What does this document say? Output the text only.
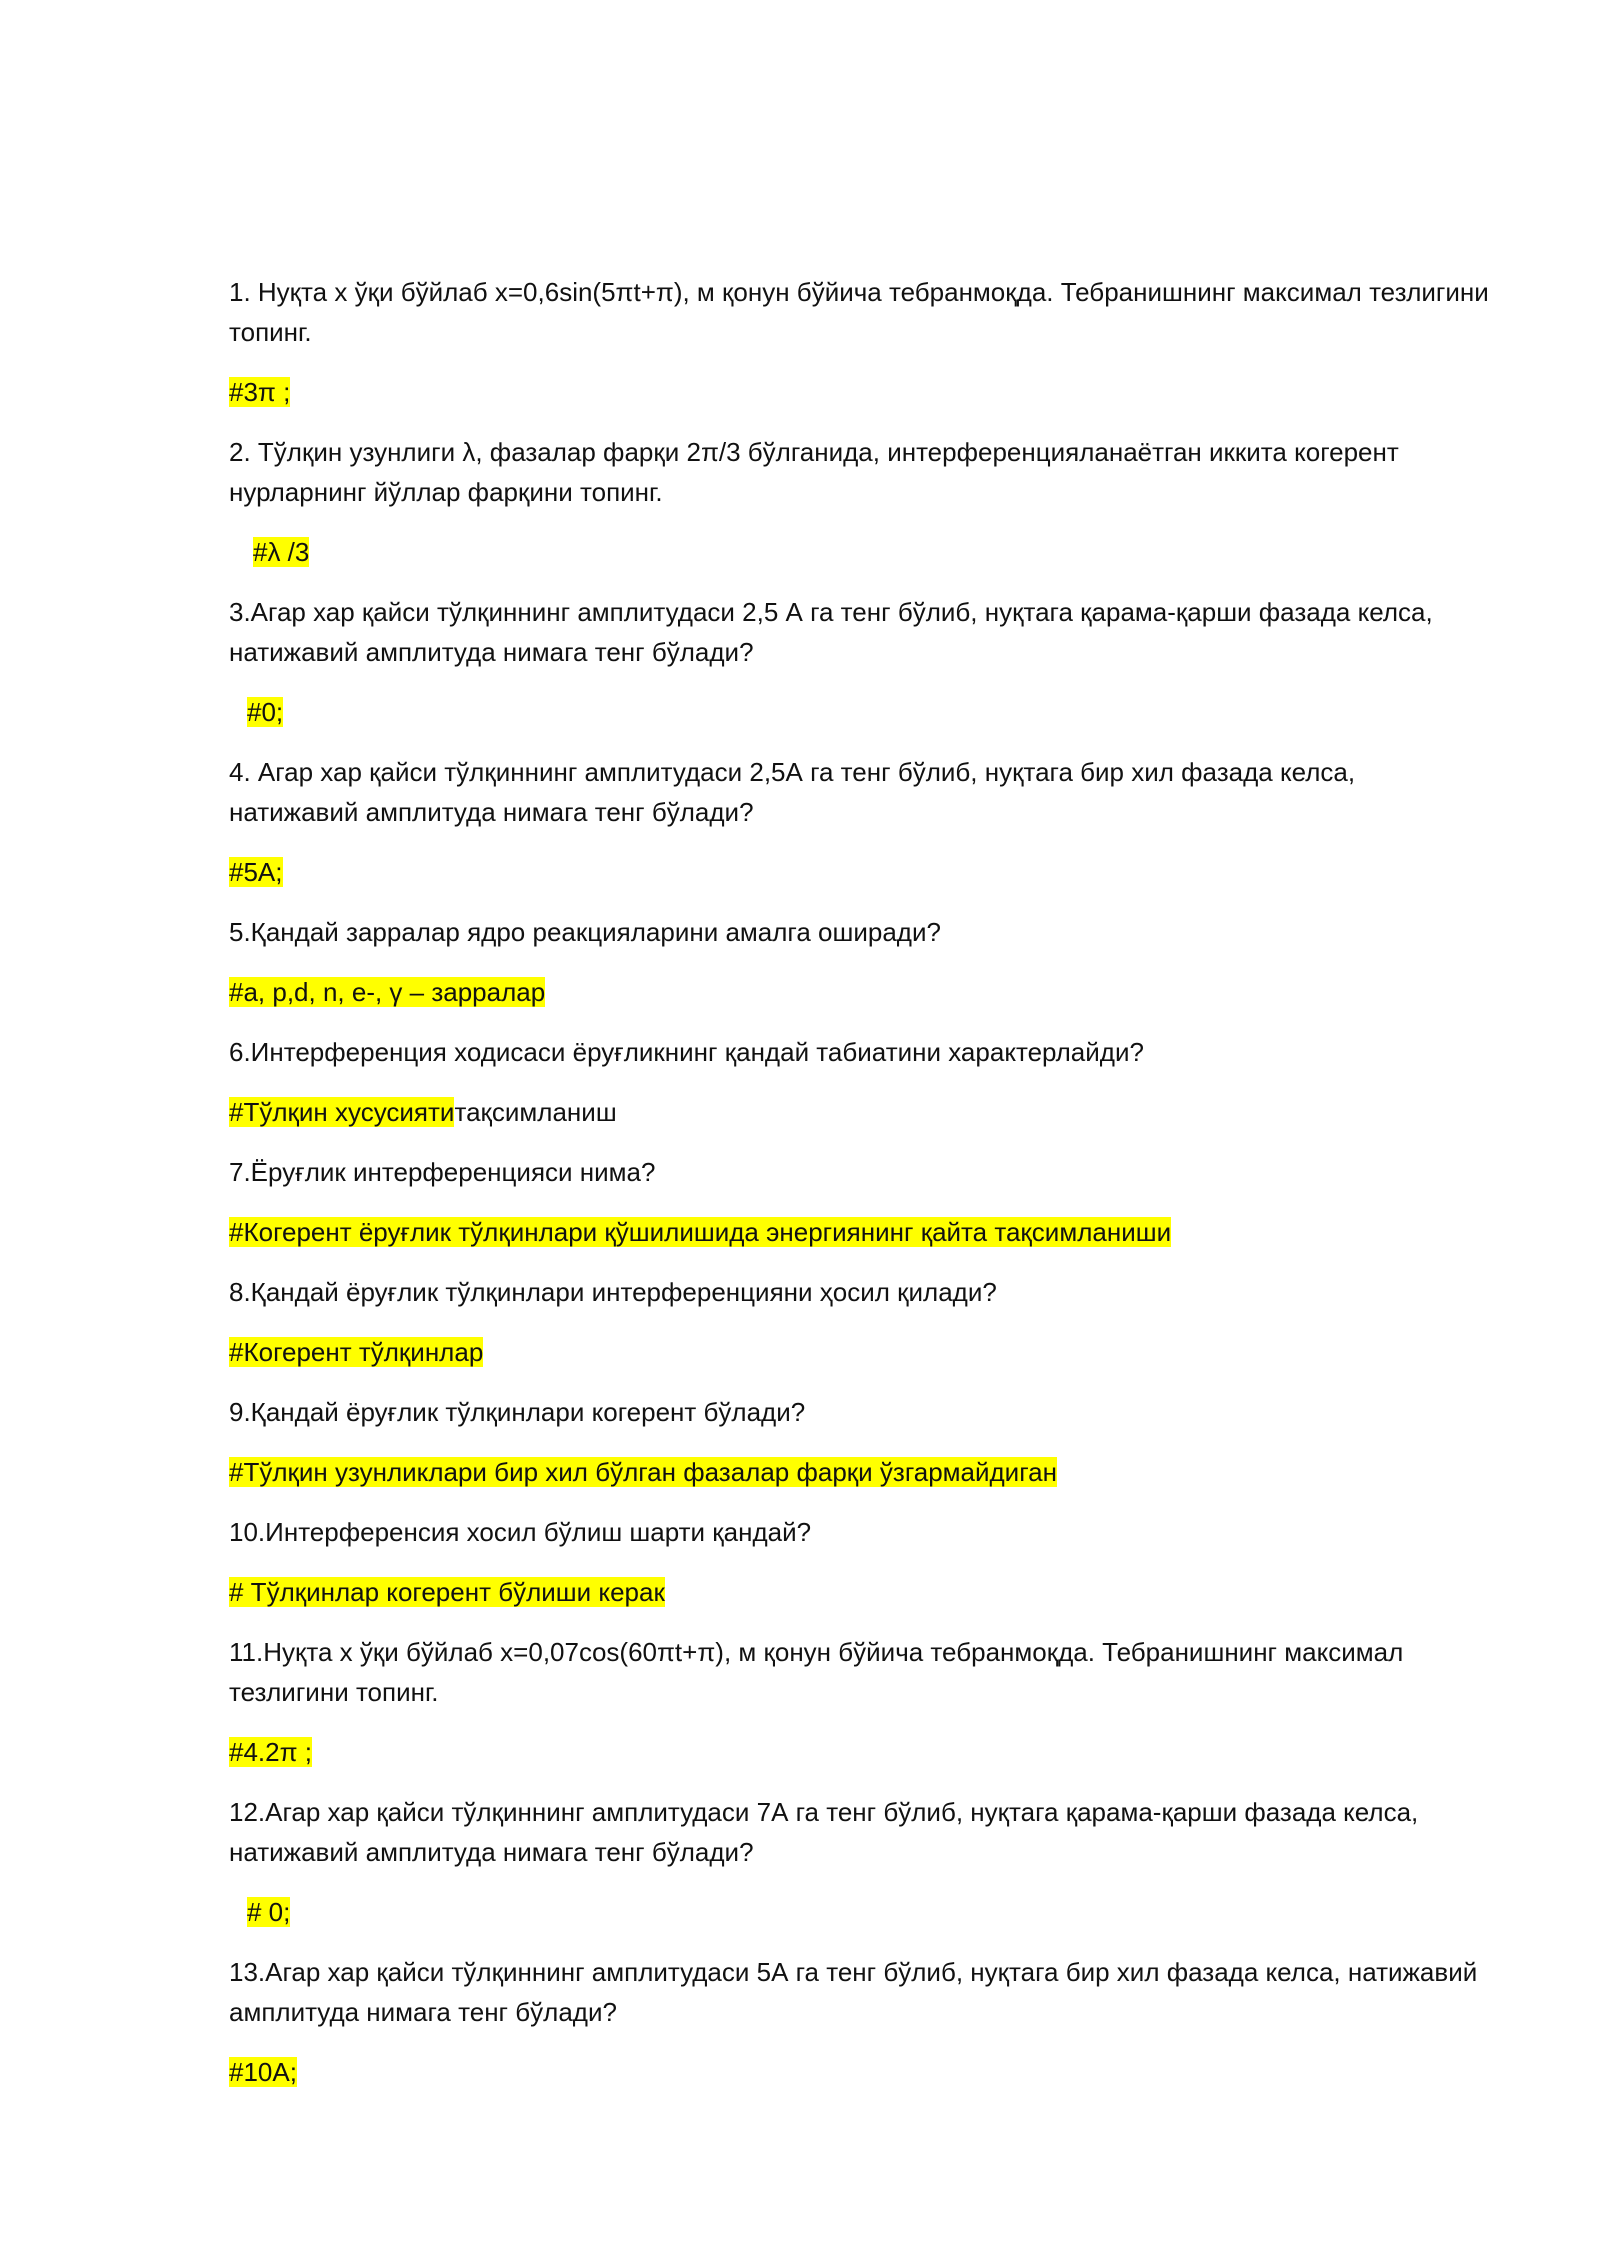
1. Нуқта х ўқи бўйлаб x=0,6sin(5πt+π), м қонун бўйича тебранмоқда. Тебранишнинг максимал тезлигини топинг.

#3π ;

2. Тўлқин узунлиги λ, фазалар фарқи 2π/3 бўлганида, интерференцияланаётган иккита когерент нурларнинг йўллар фарқини топинг.

#λ /3

3.Агар хар қайси тўлқиннинг амплитудаси 2,5 А га тенг бўлиб, нуқтага қарама-қарши фазада келса, натижавий амплитуда нимага тенг бўлади?

#0;

4. Агар хар қайси тўлқиннинг амплитудаси 2,5А га тенг бўлиб, нуқтага бир хил фазада келса, натижавий амплитуда нимага тенг бўлади?

#5А;

5.Қандай зарралар ядро реакцияларини амалга оширади?

#а, p,d, n, e-, γ – зарралар

6.Интерференция ходисаси ёруғликнинг қандай табиатини характерлайди?

#Тўлқин хусусиятитақсимланиш

7.Ёруғлик интерференцияси нима?

#Когерент ёруғлик тўлқинлари қўшилишида энергиянинг қайта тақсимланиши

8.Қандай ёруғлик тўлқинлари интерференцияни ҳосил қилади?

#Когерент тўлқинлар

9.Қандай ёруғлик тўлқинлари когерент бўлади?

#Тўлқин узунликлари бир хил бўлган фазалар фарқи ўзгармайдиган

10.Интерференсия хосил бўлиш шарти қандай?

# Тўлқинлар когерент бўлиши керак

11.Нуқта х ўқи бўйлаб x=0,07cos(60πt+π), м қонун бўйича тебранмоқда. Тебранишнинг максимал тезлигини топинг.

#4.2π ;

12.Агар хар қайси тўлқиннинг амплитудаси 7А га тенг бўлиб, нуқтага қарама-қарши фазада келса, натижавий амплитуда нимага тенг бўлади?

# 0;

13.Агар хар қайси тўлқиннинг амплитудаси 5А га тенг бўлиб, нуқтага бир хил фазада келса, натижавий амплитуда нимага тенг бўлади?

#10А;
